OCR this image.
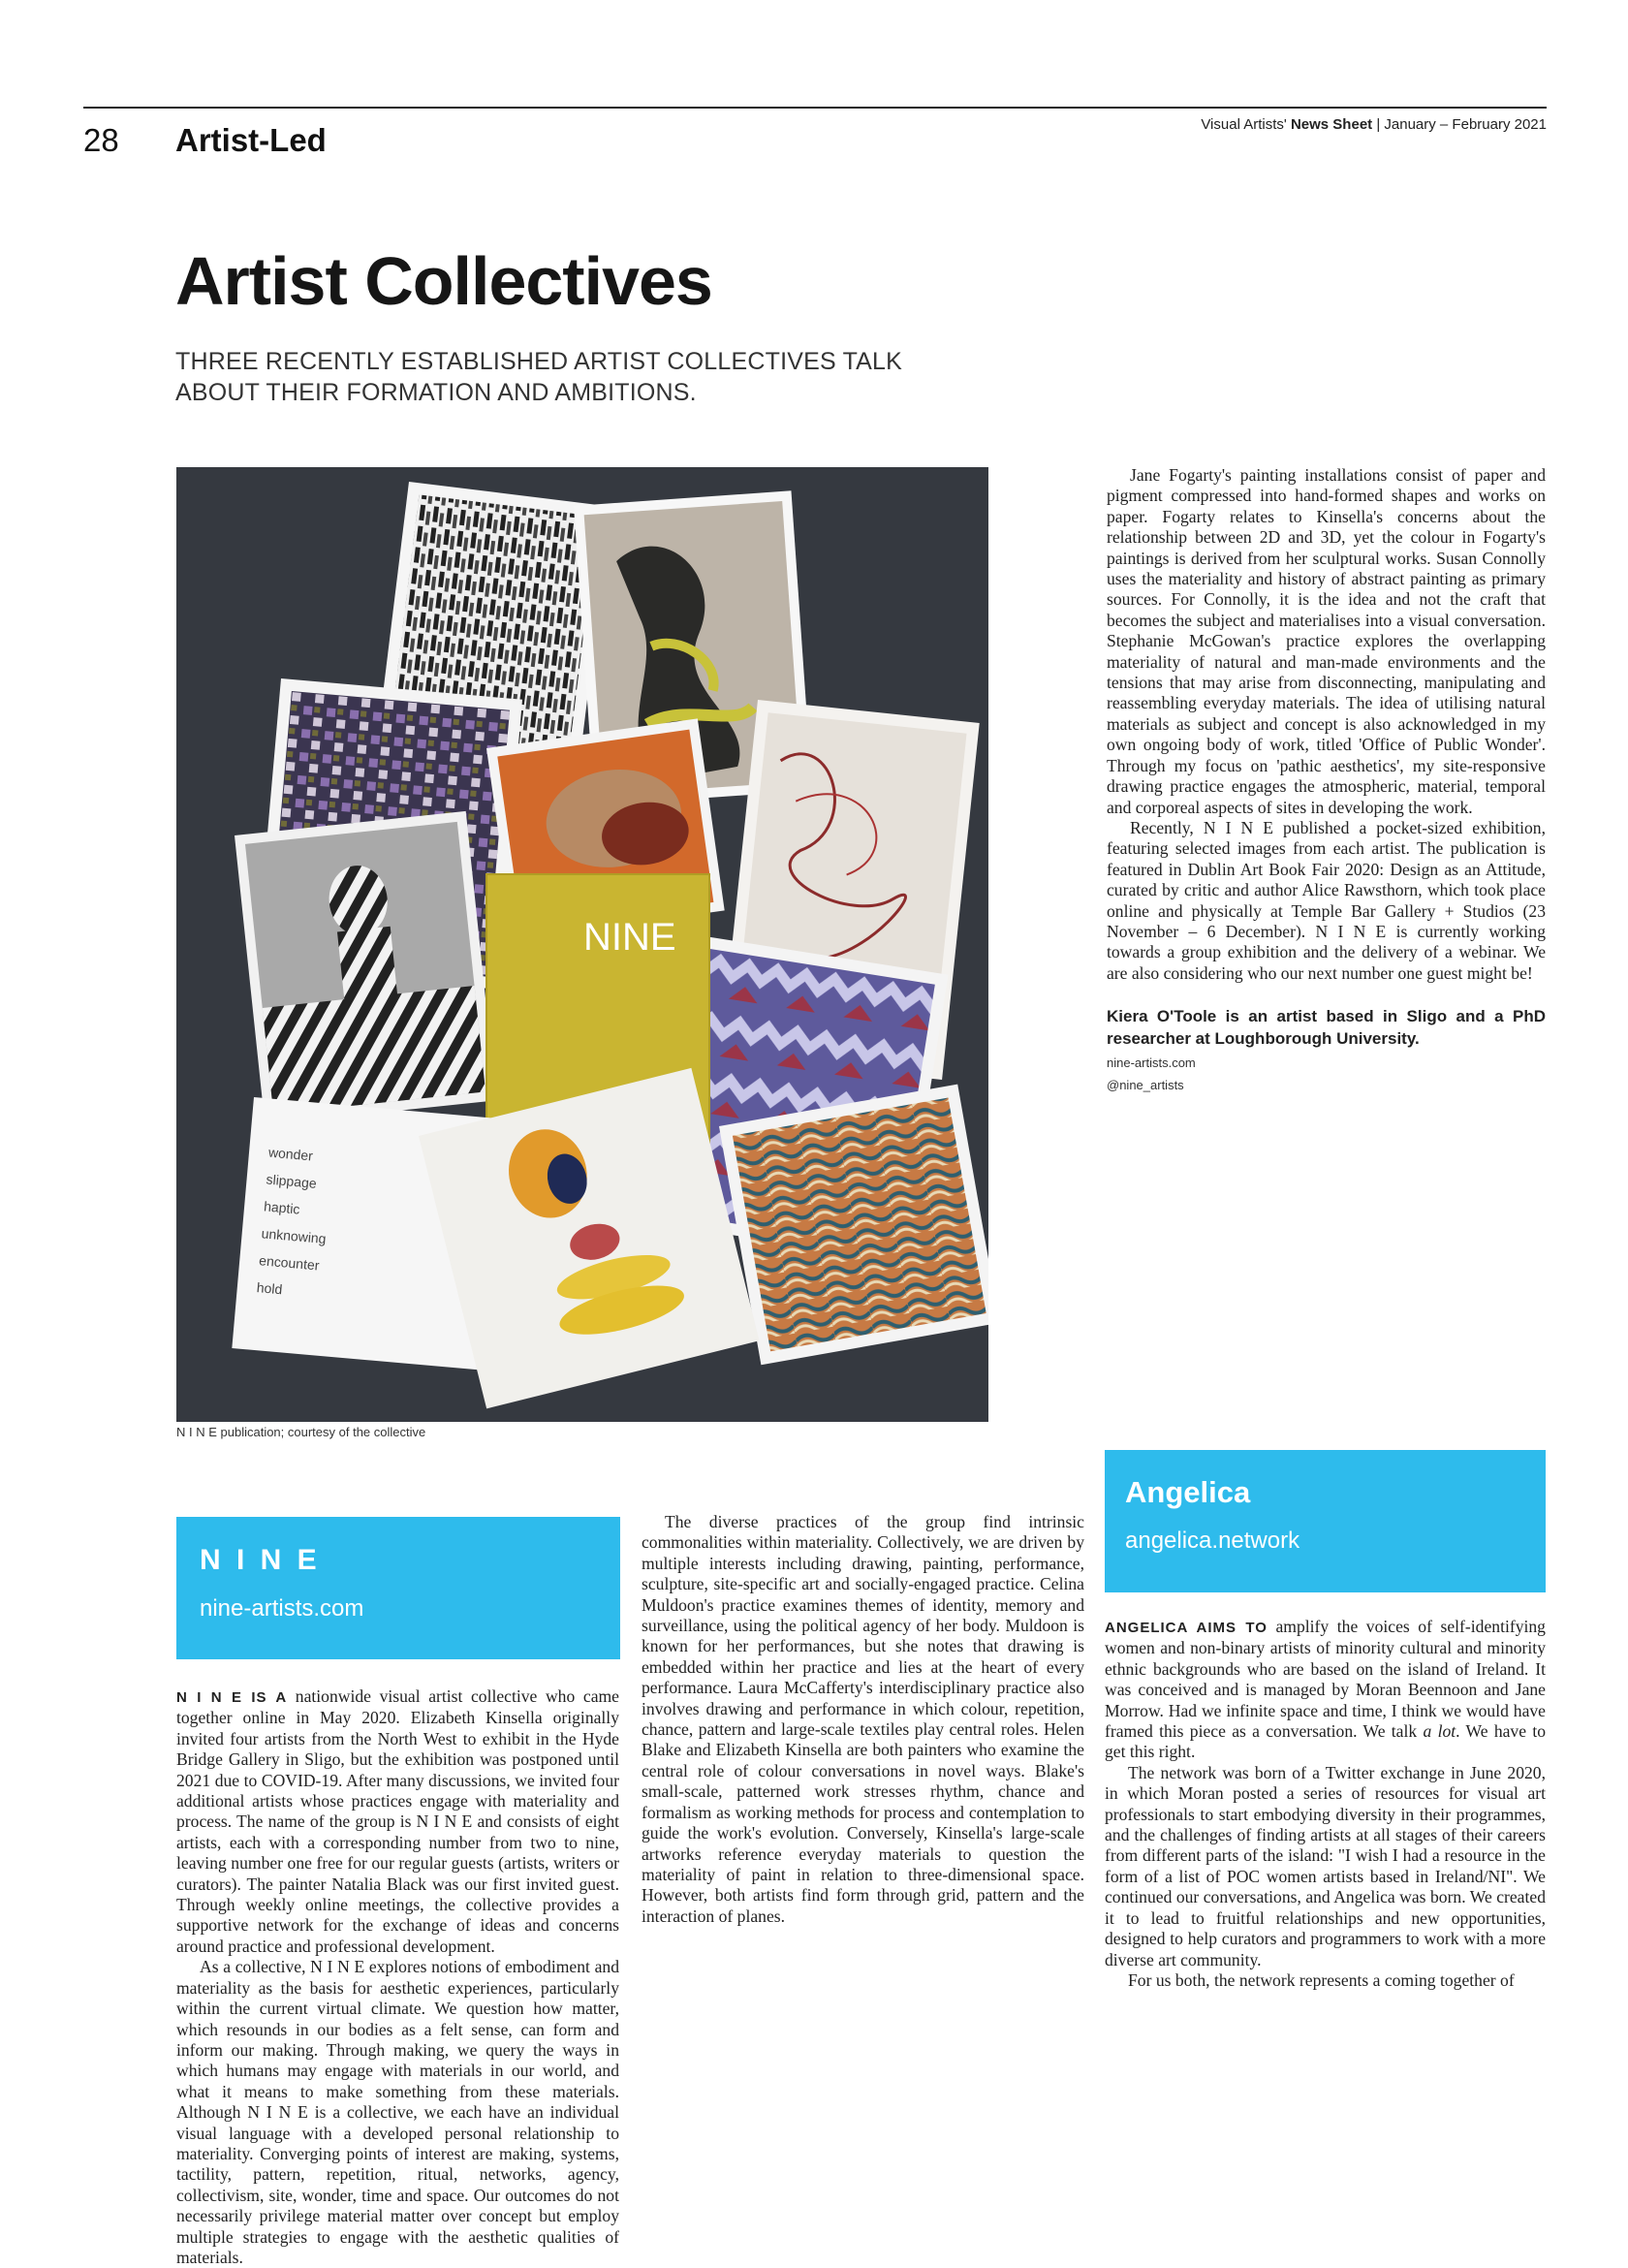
28 Artist-Led	Visual Artists' News Sheet | January – February 2021
Artist Collectives

THREE RECENTLY ESTABLISHED ARTIST COLLECTIVES TALK ABOUT THEIR FORMATION AND AMBITIONS.

NINE
wonder
slippage
haptic
unknowing
encounter
hold
N I N E publication; courtesy of the collective
N I N E
nine-artists.com

N I N E IS A nationwide visual artist collective who came together online in May 2020. Elizabeth Kinsella originally invited four artists from the North West to exhibit in the Hyde Bridge Gallery in Sligo, but the exhibition was postponed until 2021 due to COVID-19. After many discussions, we invited four additional artists whose practices engage with materiality and process. The name of the group is N I N E and consists of eight artists, each with a corresponding number from two to nine, leaving number one free for our regular guests (artists, writers or curators). The painter Natalia Black was our first invited guest. Through weekly online meetings, the collective provides a supportive network for the exchange of ideas and concerns around practice and professional development.

As a collective, N I N E explores notions of embodiment and materiality as the basis for aesthetic experiences, particularly within the current virtual climate. We question how matter, which resounds in our bodies as a felt sense, can form and inform our making. Through making, we query the ways in which humans may engage with materials in our world, and what it means to make something from these materials. Although N I N E is a collective, we each have an individual visual language with a developed personal relationship to materiality. Converging points of interest are making, systems, tactility, pattern, repetition, ritual, networks, agency, collectivism, site, wonder, time and space. Our outcomes do not necessarily privilege material matter over concept but employ multiple strategies to engage with the aesthetic qualities of materials.

The diverse practices of the group find intrinsic commonalities within materiality. Collectively, we are driven by multiple interests including drawing, painting, performance, sculpture, site-specific art and socially-engaged practice. Celina Muldoon's practice examines themes of identity, memory and surveillance, using the political agency of her body. Muldoon is known for her performances, but she notes that drawing is embedded within her practice and lies at the heart of every performance. Laura McCafferty's interdisciplinary practice also involves drawing and performance in which colour, repetition, chance, pattern and large-scale textiles play central roles. Helen Blake and Elizabeth Kinsella are both painters who examine the central role of colour conversations in novel ways. Blake's small-scale, patterned work stresses rhythm, chance and formalism as working methods for process and contemplation to guide the work's evolution. Conversely, Kinsella's large-scale artworks reference everyday materials to question the materiality of paint in relation to three-dimensional space. However, both artists find form through grid, pattern and the interaction of planes.

Jane Fogarty's painting installations consist of paper and pigment compressed into hand-formed shapes and works on paper. Fogarty relates to Kinsella's concerns about the relationship between 2D and 3D, yet the colour in Fogarty's paintings is derived from her sculptural works. Susan Connolly uses the materiality and history of abstract painting as primary sources. For Connolly, it is the idea and not the craft that becomes the subject and materialises into a visual conversation. Stephanie McGowan's practice explores the overlapping materiality of natural and man-made environments and the tensions that may arise from disconnecting, manipulating and reassembling everyday materials. The idea of utilising natural materials as subject and concept is also acknowledged in my own ongoing body of work, titled 'Office of Public Wonder'. Through my focus on 'pathic aesthetics', my site-responsive drawing practice engages the atmospheric, material, temporal and corporeal aspects of sites in developing the work.

Recently, N I N E published a pocket-sized exhibition, featuring selected images from each artist. The publication is featured in Dublin Art Book Fair 2020: Design as an Attitude, curated by critic and author Alice Rawsthorn, which took place online and physically at Temple Bar Gallery + Studios (23 November – 6 December). N I N E is currently working towards a group exhibition and the delivery of a webinar. We are also considering who our next number one guest might be!

Kiera O'Toole is an artist based in Sligo and a PhD researcher at Loughborough University.
nine-artists.com
@nine_artists
Angelica
angelica.network

ANGELICA AIMS TO amplify the voices of self-identifying women and non-binary artists of minority cultural and minority ethnic backgrounds who are based on the island of Ireland. It was conceived and is managed by Moran Beennoon and Jane Morrow. Had we infinite space and time, I think we would have framed this piece as a conversation. We talk a lot. We have to get this right.

The network was born of a Twitter exchange in June 2020, in which Moran posted a series of resources for visual art professionals to start embodying diversity in their programmes, and the challenges of finding artists at all stages of their careers from different parts of the island: "I wish I had a resource in the form of a list of POC women artists based in Ireland/NI". We continued our conversations, and Angelica was born. We created it to lead to fruitful relationships and new opportunities, designed to help curators and programmers to work with a more diverse art community.

For us both, the network represents a coming together of
